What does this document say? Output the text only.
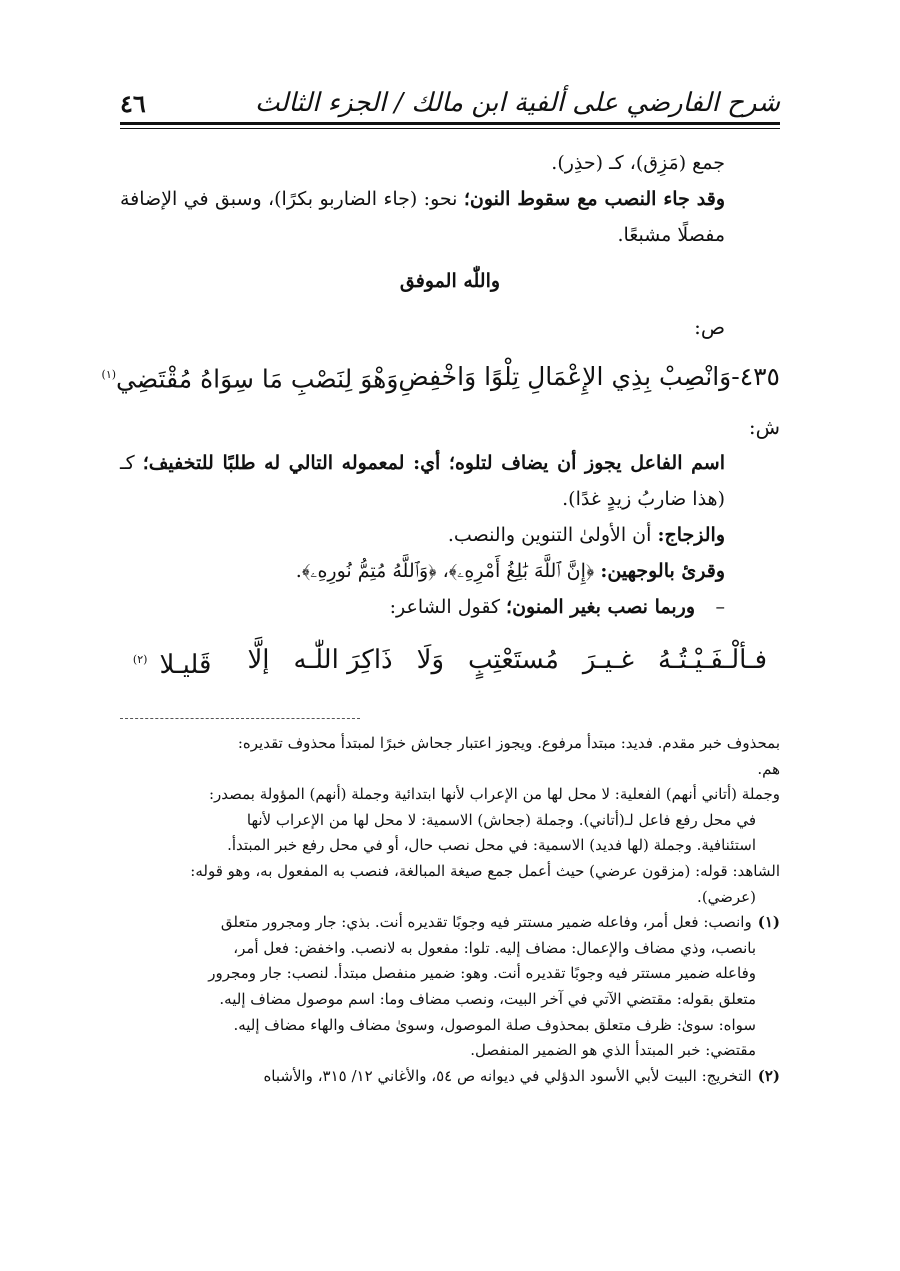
شرح الفارضي على ألفية ابن مالك / الجزء الثالث
٤٦

جمع (مَزِق)، كـ (حذِر).

وقد جاء النصب مع سقوط النون؛ نحو: (جاء الضاربو بكرًا)، وسبق في الإضافة مفصلًا مشبعًا.

واللّٰه الموفق

ص:

٤٣٥-وَانْصِبْ بِذِي الإِعْمَالِ تِلْوًا وَاخْفِضِ
وَهْوَ لِنَصْبِ مَا سِوَاهُ مُقْتَضِي$^{(١)}$

ش:

اسم الفاعل يجوز أن يضاف لتلوه؛ أي: لمعموله التالي له طلبًا للتخفيف؛ كـ (هذا ضاربُ زيدٍ غدًا).

والزجاج: أن الأولىٰ التنوين والنصب.

وقرئ بالوجهين: ﴿إِنَّ ٱللَّهَ بَٰلِغُ أَمْرِهِۦ﴾، ﴿وَٱللَّهُ مُتِمُّ نُورِهِۦ﴾.

–وربما نصب بغير المنون؛ كقول الشاعر:

فـألْـفَـيْـتُـهُ
غـيـرَ
مُستَعْتِبٍ
وَلَا
ذَاكِرَ اللّٰـه
إلَّا
قَليـلا$^{(٢)}$

بمحذوف خبر مقدم. فديد: مبتدأ مرفوع. ويجوز اعتبار جحاش خبرًا لمبتدأ محذوف تقديره:

هم.

وجملة (أتاني أنهم) الفعلية: لا محل لها من الإعراب لأنها ابتدائية وجملة (أنهم) المؤولة بمصدر:

في محل رفع فاعل لـ(أتاني). وجملة (جحاش) الاسمية: لا محل لها من الإعراب لأنها

استئنافية. وجملة (لها فديد) الاسمية: في محل نصب حال، أو في محل رفع خبر المبتدأ.

الشاهد: قوله: (مزقون عرضي) حيث أعمل جمع صيغة المبالغة، فنصب به المفعول به، وهو قوله:

(عرضي).

(١)وانصب: فعل أمر، وفاعله ضمير مستتر فيه وجوبًا تقديره أنت. بذي: جار ومجرور متعلق

بانصب، وذي مضاف والإعمال: مضاف إليه. تلوا: مفعول به لانصب. واخفض: فعل أمر،

وفاعله ضمير مستتر فيه وجوبًا تقديره أنت. وهو: ضمير منفصل مبتدأ. لنصب: جار ومجرور

متعلق بقوله: مقتضي الآتي في آخر البيت، ونصب مضاف وما: اسم موصول مضاف إليه.

سواه: سوىٰ: ظرف متعلق بمحذوف صلة الموصول، وسوىٰ مضاف والهاء مضاف إليه.

مقتضي: خبر المبتدأ الذي هو الضمير المنفصل.

(٢)التخريج: البيت لأبي الأسود الدؤلي في ديوانه ص ٥٤، والأغاني ١٢/ ٣١٥، والأشباه
